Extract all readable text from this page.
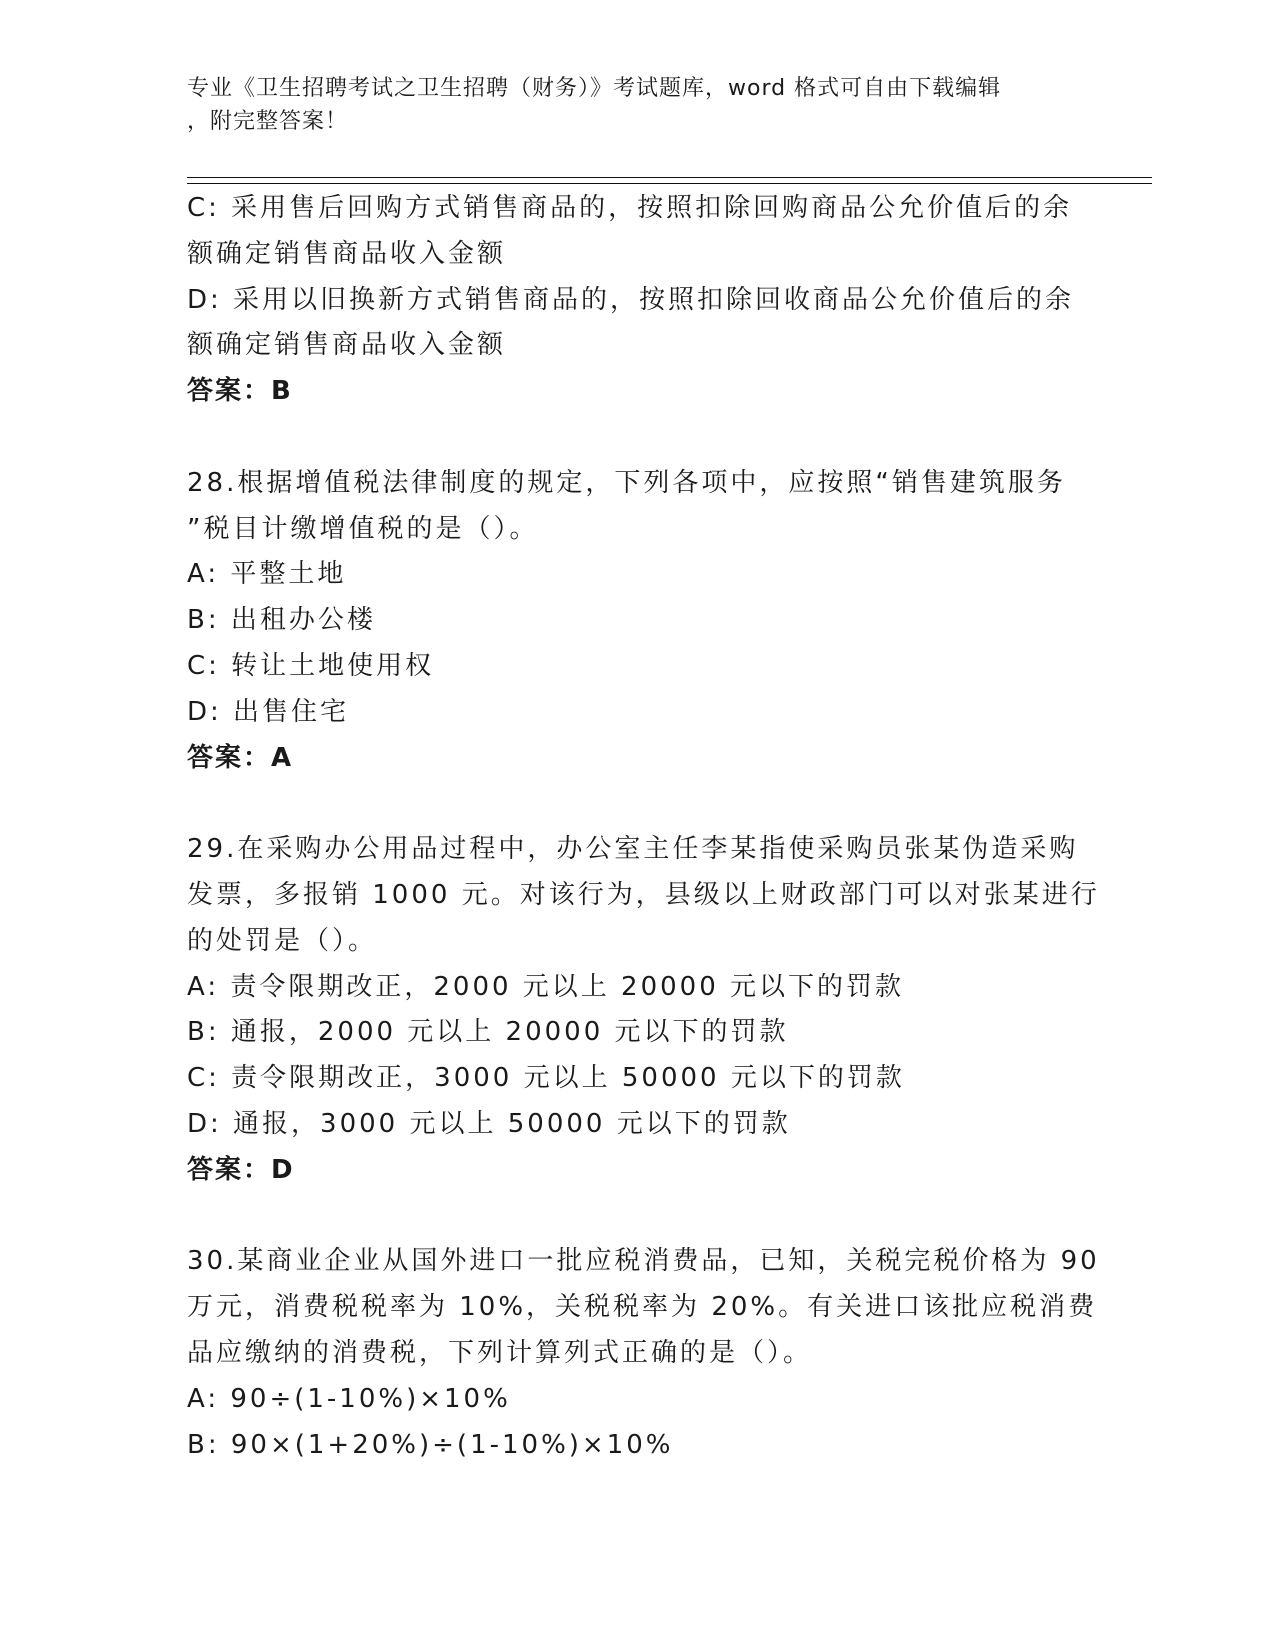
专业《卫生招聘考试之卫生招聘（财务）》考试题库，word 格式可自由下载编辑
，附完整答案！
C: 采用售后回购方式销售商品的，按照扣除回购商品公允价值后的余
额确定销售商品收入金额
D: 采用以旧换新方式销售商品的，按照扣除回收商品公允价值后的余
额确定销售商品收入金额
答案：B
28.根据增值税法律制度的规定，下列各项中，应按照“销售建筑服务
”税目计缴增值税的是（）。
A: 平整土地
B: 出租办公楼
C: 转让土地使用权
D: 出售住宅
答案：A
29.在采购办公用品过程中，办公室主任李某指使采购员张某伪造采购
发票，多报销 1000 元。对该行为，县级以上财政部门可以对张某进行
的处罚是（）。
A: 责令限期改正，2000 元以上 20000 元以下的罚款
B: 通报，2000 元以上 20000 元以下的罚款
C: 责令限期改正，3000 元以上 50000 元以下的罚款
D: 通报，3000 元以上 50000 元以下的罚款
答案：D
30.某商业企业从国外进口一批应税消费品，已知，关税完税价格为 90
万元，消费税税率为 10%，关税税率为 20%。有关进口该批应税消费
品应缴纳的消费税，下列计算列式正确的是（）。
A: 90÷(1-10%)×10%
B: 90×(1+20%)÷(1-10%)×10%
